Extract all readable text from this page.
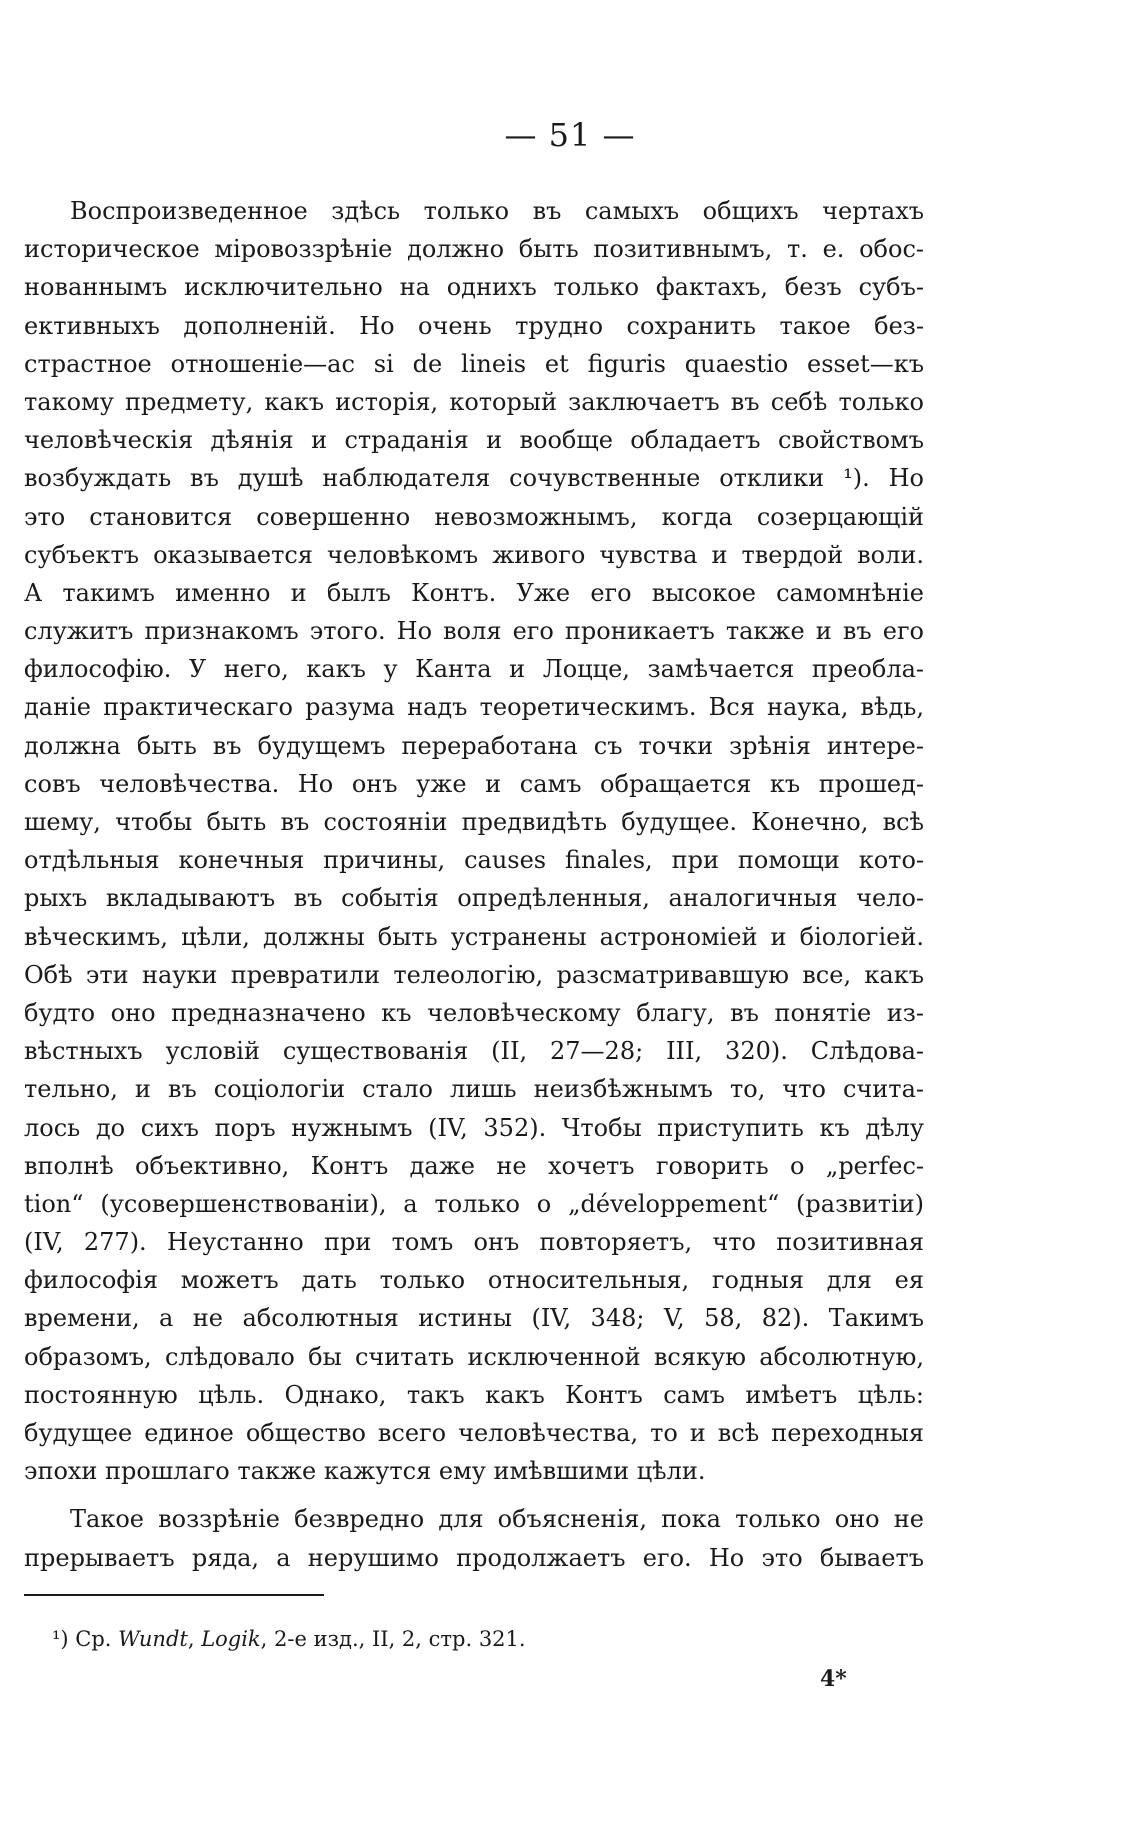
— 51 —
Воспроизведенное здѣсь только въ самыхъ общихъ чертахъ
историческое міровоззрѣніе должно быть позитивнымъ, т. е. обос-
нованнымъ исключительно на однихъ только фактахъ, безъ субъ-
ективныхъ дополненій. Но очень трудно сохранить такое без-
страстное отношеніе—ac si de lineis et figuris quaestio esset—къ
такому предмету, какъ исторія, который заключаетъ въ себѣ только
человѣческія дѣянія и страданія и вообще обладаетъ свойствомъ
возбуждать въ душѣ наблюдателя сочувственные отклики ¹). Но
это становится совершенно невозможнымъ, когда созерцающій
субъектъ оказывается человѣкомъ живого чувства и твердой воли.
А такимъ именно и былъ Контъ. Уже его высокое самомнѣніе
служитъ признакомъ этого. Но воля его проникаетъ также и въ его
философію. У него, какъ у Канта и Лоцце, замѣчается преобла-
даніе практическаго разума надъ теоретическимъ. Вся наука, вѣдь,
должна быть въ будущемъ переработана съ точки зрѣнія интере-
совъ человѣчества. Но онъ уже и самъ обращается къ прошед-
шему, чтобы быть въ состояніи предвидѣть будущее. Конечно, всѣ
отдѣльныя конечныя причины, causes finales, при помощи кото-
рыхъ вкладываютъ въ событія опредѣленныя, аналогичныя чело-
вѣческимъ, цѣли, должны быть устранены астрономіей и біологіей.
Обѣ эти науки превратили телеологію, разсматривавшую все, какъ
будто оно предназначено къ человѣческому благу, въ понятіе из-
вѣстныхъ условій существованія (II, 27—28; III, 320). Слѣдова-
тельно, и въ соціологіи стало лишь неизбѣжнымъ то, что счита-
лось до сихъ поръ нужнымъ (IV, 352). Чтобы приступить къ дѣлу
вполнѣ объективно, Контъ даже не хочетъ говорить о „perfec-
tion“ (усовершенствованіи), а только о „développement“ (развитіи)
(IV, 277). Неустанно при томъ онъ повторяетъ, что позитивная
философія можетъ дать только относительныя, годныя для ея
времени, а не абсолютныя истины (IV, 348; V, 58, 82). Такимъ
образомъ, слѣдовало бы считать исключенной всякую абсолютную,
постоянную цѣль. Однако, такъ какъ Контъ самъ имѣетъ цѣль:
будущее единое общество всего человѣчества, то и всѣ переходныя
эпохи прошлаго также кажутся ему имѣвшими цѣли.
Такое воззрѣніе безвредно для объясненія, пока только оно не
прерываетъ ряда, а нерушимо продолжаетъ его. Но это бываетъ
¹) Ср. Wundt, Logik, 2-е изд., II, 2, стр. 321.
4*
